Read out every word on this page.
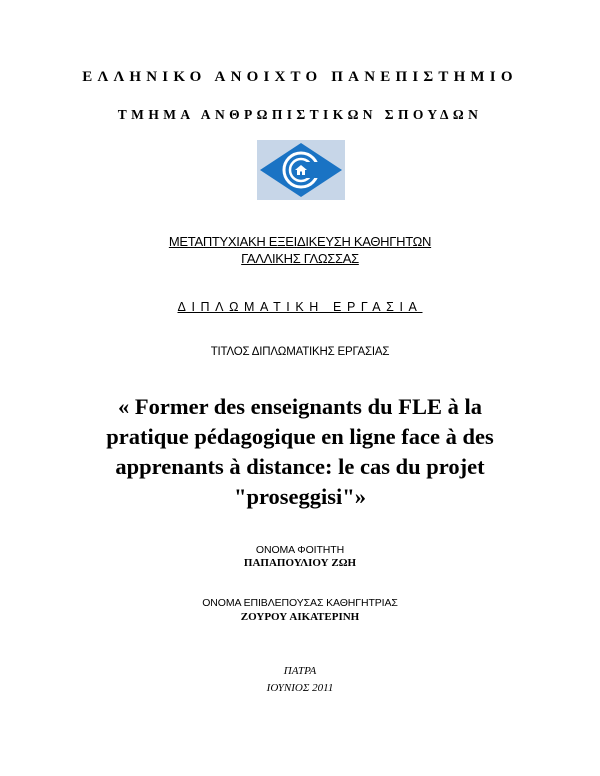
ΕΛΛΗΝΙΚΟ ΑΝΟΙΧΤΟ ΠΑΝΕΠΙΣΤΗΜΙΟ
ΤΜΗΜΑ ΑΝΘΡΩΠΙΣΤΙΚΩΝ ΣΠΟΥΔΩΝ
ΜΕΤΑΠΤΥΧΙΑΚΗ ΕΞΕΙΔΙΚΕΥΣΗ ΚΑΘΗΓΗΤΩΝ
ΓΑΛΛΙΚΗΣ ΓΛΩΣΣΑΣ
ΔΙΠΛΩΜΑΤΙΚΗ ΕΡΓΑΣΙΑ
ΤΙΤΛΟΣ ΔΙΠΛΩΜΑΤΙΚΗΣ ΕΡΓΑΣΙΑΣ
« Former des enseignants du FLE à la
pratique pédagogique en ligne face à des
apprenants à distance: le cas du projet
"proseggisi"»
ΟΝΟΜΑ ΦΟΙΤΗΤΗ
ΠΑΠΑΠΟΥΛΙΟΥ ΖΩΗ
ΟΝΟΜΑ ΕΠΙΒΛΕΠΟΥΣΑΣ ΚΑΘΗΓΗΤΡΙΑΣ
ΖΟΥΡΟΥ ΑΙΚΑΤΕΡΙΝΗ
ΠΑΤΡΑ
ΙΟΥΝΙΟΣ 2011
